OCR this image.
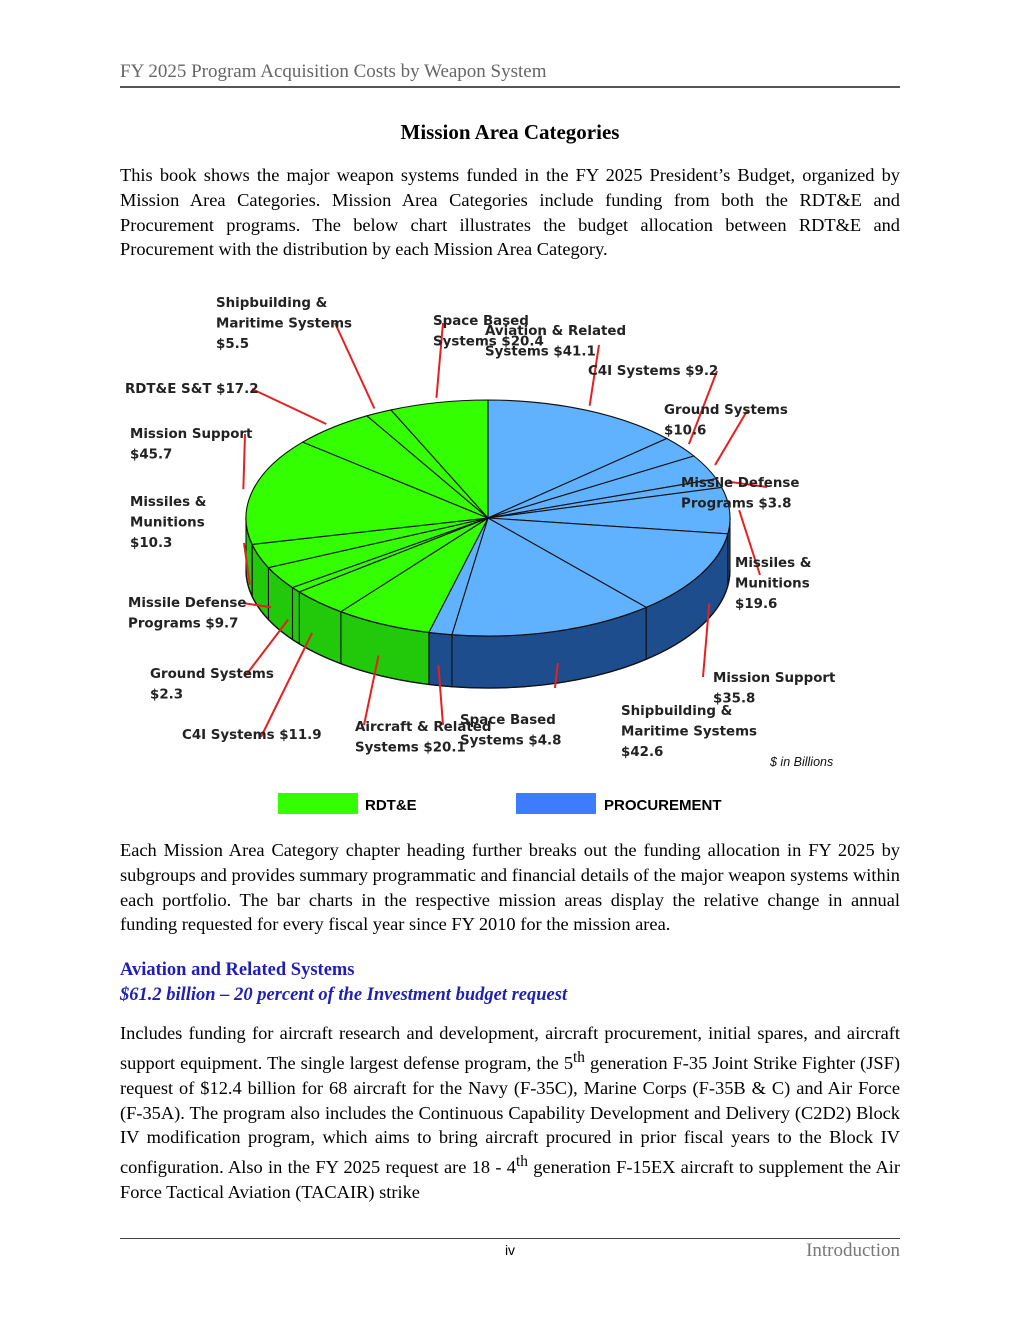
FY 2025 Program Acquisition Costs by Weapon System
Mission Area Categories
This book shows the major weapon systems funded in the FY 2025 President’s Budget, organized by Mission Area Categories. Mission Area Categories include funding from both the RDT&E and Procurement programs. The below chart illustrates the budget allocation between RDT&E and Procurement with the distribution by each Mission Area Category.
Aviation & Related Systems $41.1
C4I Systems $9.2
Ground Systems $10.6
Missile Defense Programs $3.8
Missiles & Munitions $19.6
Mission Support $35.8
Shipbuilding & Maritime Systems $42.6
Space Based Systems $4.8
Aircraft & Related Systems $20.1
C4I Systems $11.9
Ground Systems $2.3
Missile Defense Programs $9.7
Missiles & Munitions $10.3
Mission Support $45.7
RDT&E S&T $17.2
Shipbuilding & Maritime Systems $5.5
Space Based Systems $20.4
$ in Billions
RDT&E	PROCUREMENT
Each Mission Area Category chapter heading further breaks out the funding allocation in FY 2025 by subgroups and provides summary programmatic and financial details of the major weapon systems within each portfolio. The bar charts in the respective mission areas display the relative change in annual funding requested for every fiscal year since FY 2010 for the mission area.
Aviation and Related Systems
$61.2 billion – 20 percent of the Investment budget request
Includes funding for aircraft research and development, aircraft procurement, initial spares, and aircraft support equipment. The single largest defense program, the 5th generation F-35 Joint Strike Fighter (JSF) request of $12.4 billion for 68 aircraft for the Navy (F-35C), Marine Corps (F-35B & C) and Air Force (F-35A). The program also includes the Continuous Capability Development and Delivery (C2D2) Block IV modification program, which aims to bring aircraft procured in prior fiscal years to the Block IV configuration. Also in the FY 2025 request are 18 - 4th generation F-15EX aircraft to supplement the Air Force Tactical Aviation (TACAIR) strike
iv	Introduction
